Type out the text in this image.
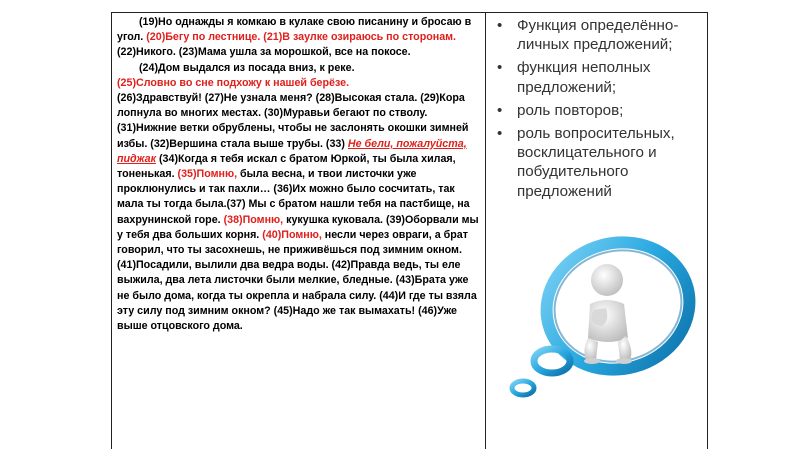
(19)Но однажды я комкаю в кулаке свою писанину и бросаю в угол. (20)Бегу по лестнице. (21)В заулке озираюсь по сторонам. (22)Никого. (23)Мама ушла за морошкой, все на покосе.

(24)Дом выдался из посада вниз, к реке.

(25)Словно во сне подхожу к нашей берёзе.

(26)Здравствуй! (27)Не узнала меня? (28)Высокая стала. (29)Кора лопнула во многих местах. (30)Муравьи бегают по стволу. (31)Нижние ветки обрублены, чтобы не заслонять окошки зимней избы. (32)Вершина стала выше трубы. (33) Не бели, пожалуйста, пиджак (34)Когда я тебя искал с братом Юркой, ты была хилая, тоненькая. (35)Помню, была весна, и твои листочки уже проклюнулись и так пахли… (36)Их можно было сосчитать, так мала ты тогда была.(37) Мы с братом нашли тебя на пастбище, на вахрунинской горе. (38)Помню, кукушка куковала. (39)Оборвали мы у тебя два больших корня. (40)Помню, несли через овраги, а брат говорил, что ты засохнешь, не приживёшься под зимним окном. (41)Посадили, вылили два ведра воды. (42)Правда ведь, ты еле выжила, два лета листочки были мелкие, бледные. (43)Брата уже не было дома, когда ты окрепла и набрала силу. (44)И где ты взяла эту силу под зимним окном? (45)Надо же так вымахать! (46)Уже выше отцовского дома.

• Функция определённо-личных предложений;
• функция неполных предложений;
• роль повторов;
• роль вопросительных, восклицательного и побудительного предложений
